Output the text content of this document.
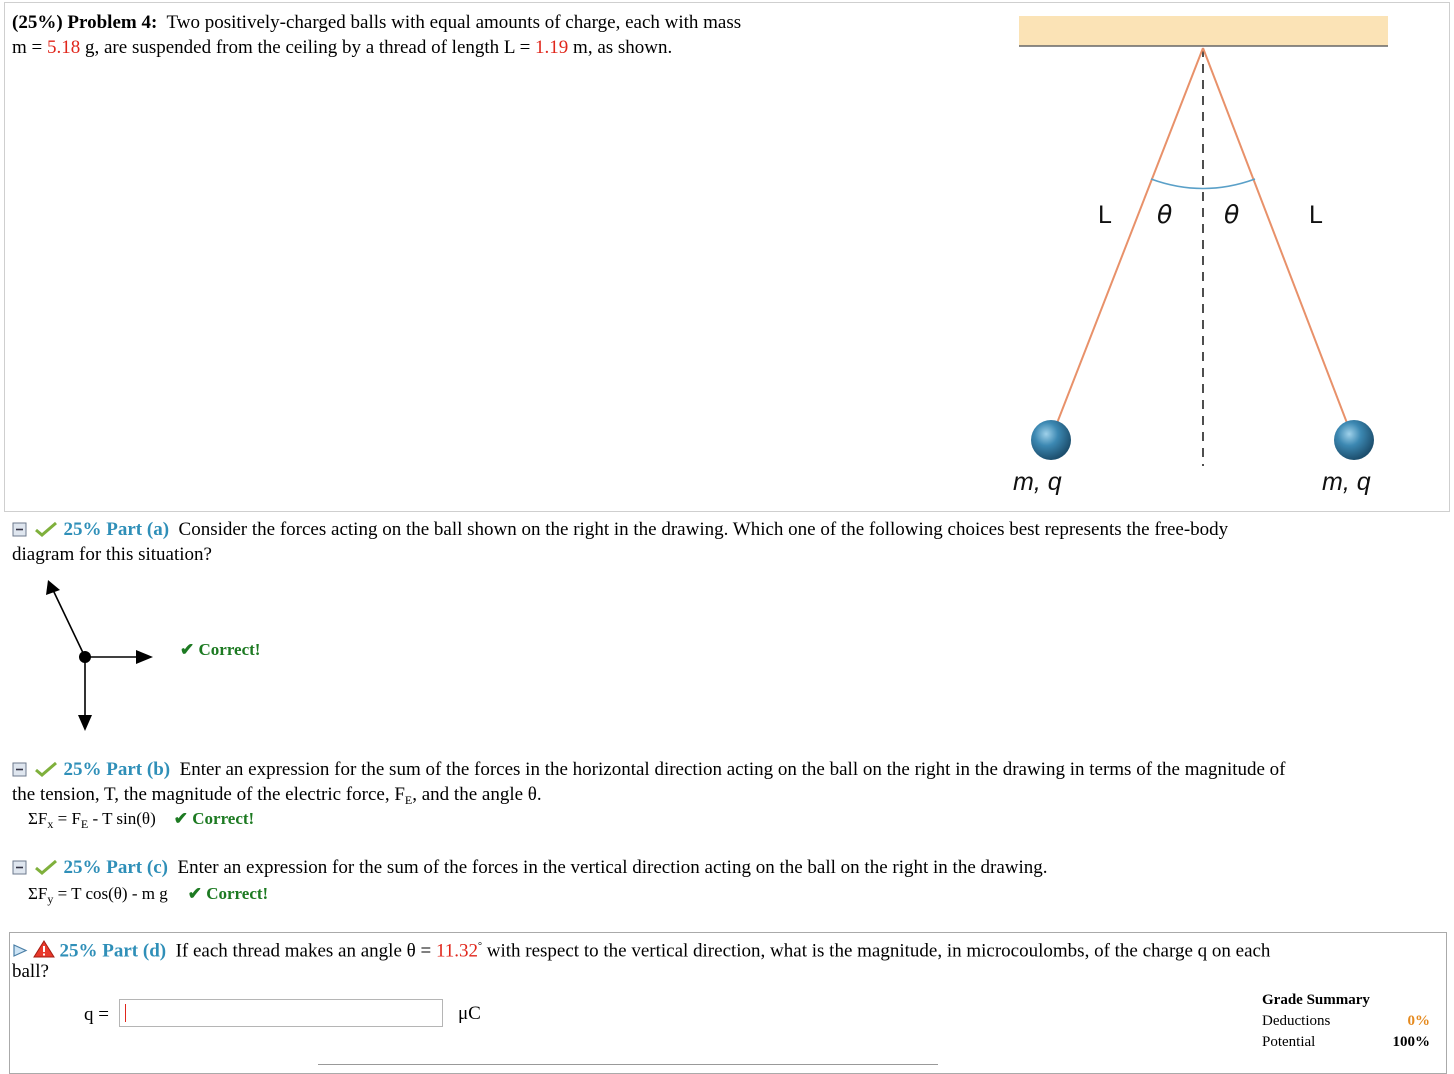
(25%) Problem 4: Two positively-charged balls with equal amounts of charge, each with mass
m = 5.18 g, are suspended from the ceiling by a thread of length L = 1.19 m, as shown.
L	L
θ θ
m, q	m, q
25% Part (a) Consider the forces acting on the ball shown on the right in the drawing. Which one of the following choices best represents the free-body
diagram for this situation?
✔ Correct!
25% Part (b) Enter an expression for the sum of the forces in the horizontal direction acting on the ball on the right in the drawing in terms of the magnitude of
the tension, T, the magnitude of the electric force, $F_E$, and the angle θ.
$\Sigma F_x = F_E - T$ sin(θ) ✔ Correct!
25% Part (c) Enter an expression for the sum of the forces in the vertical direction acting on the ball on the right in the drawing.
$\Sigma F_y = T$ cos(θ) - m g ✔ Correct!
25% Part (d) If each thread makes an angle θ = 11.32° with respect to the vertical direction, what is the magnitude, in microcoulombs, of the charge q on each
ball?
q =	μC
Grade Summary
Deductions	0%
Potential	100%
